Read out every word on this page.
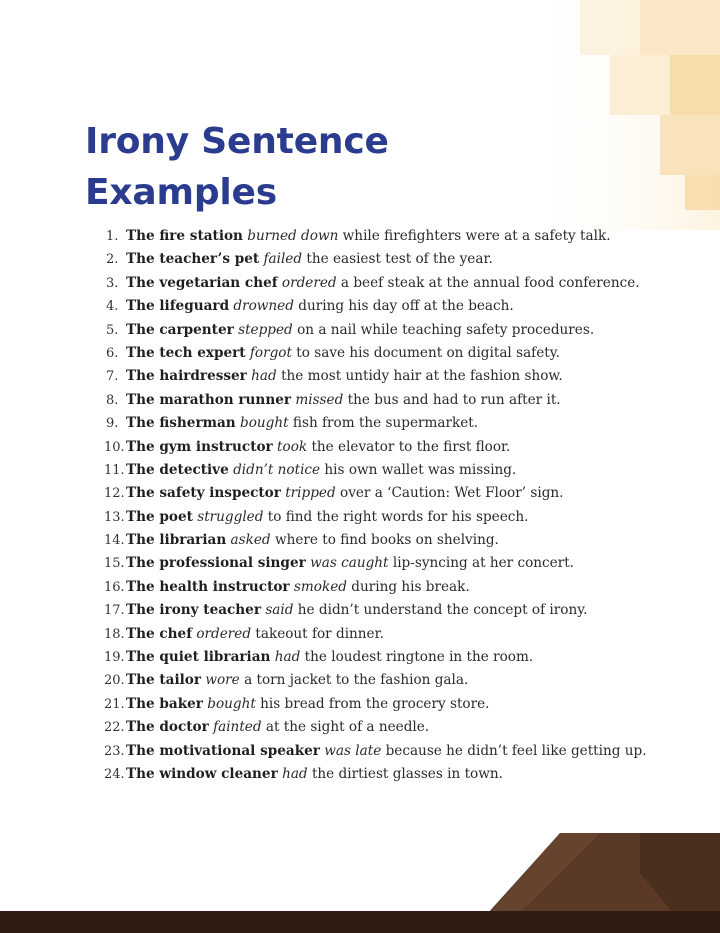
Irony Sentence
Examples
1. The fire station burned down while firefighters were at a safety talk.
2. The teacher’s pet failed the easiest test of the year.
3. The vegetarian chef ordered a beef steak at the annual food conference.
4. The lifeguard drowned during his day off at the beach.
5. The carpenter stepped on a nail while teaching safety procedures.
6. The tech expert forgot to save his document on digital safety.
7. The hairdresser had the most untidy hair at the fashion show.
8. The marathon runner missed the bus and had to run after it.
9. The fisherman bought fish from the supermarket.
10. The gym instructor took the elevator to the first floor.
11. The detective didn’t notice his own wallet was missing.
12. The safety inspector tripped over a ‘Caution: Wet Floor’ sign.
13. The poet struggled to find the right words for his speech.
14. The librarian asked where to find books on shelving.
15. The professional singer was caught lip-syncing at her concert.
16. The health instructor smoked during his break.
17. The irony teacher said he didn’t understand the concept of irony.
18. The chef ordered takeout for dinner.
19. The quiet librarian had the loudest ringtone in the room.
20. The tailor wore a torn jacket to the fashion gala.
21. The baker bought his bread from the grocery store.
22. The doctor fainted at the sight of a needle.
23. The motivational speaker was late because he didn’t feel like getting up.
24. The window cleaner had the dirtiest glasses in town.
